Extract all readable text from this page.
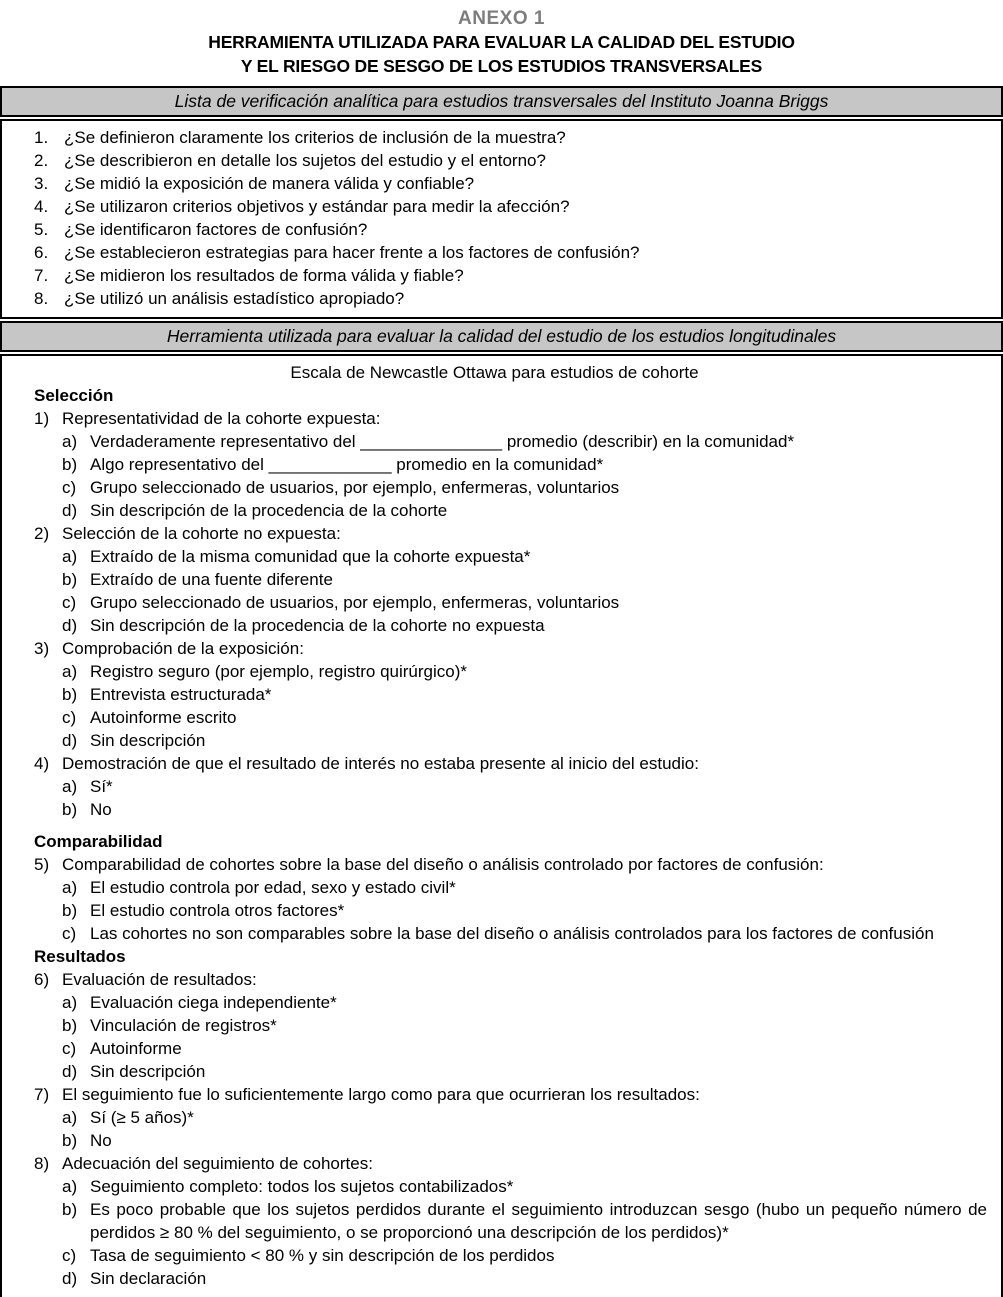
ANEXO 1
HERRAMIENTA UTILIZADA PARA EVALUAR LA CALIDAD DEL ESTUDIO
Y EL RIESGO DE SESGO DE LOS ESTUDIOS TRANSVERSALES
Lista de verificación analítica para estudios transversales del Instituto Joanna Briggs
1. ¿Se definieron claramente los criterios de inclusión de la muestra?
2. ¿Se describieron en detalle los sujetos del estudio y el entorno?
3. ¿Se midió la exposición de manera válida y confiable?
4. ¿Se utilizaron criterios objetivos y estándar para medir la afección?
5. ¿Se identificaron factores de confusión?
6. ¿Se establecieron estrategias para hacer frente a los factores de confusión?
7. ¿Se midieron los resultados de forma válida y fiable?
8. ¿Se utilizó un análisis estadístico apropiado?
Herramienta utilizada para evaluar la calidad del estudio de los estudios longitudinales
Escala de Newcastle Ottawa para estudios de cohorte
Selección
1) Representatividad de la cohorte expuesta:
a) Verdaderamente representativo del _______________ promedio (describir) en la comunidad*
b) Algo representativo del _____________ promedio en la comunidad*
c) Grupo seleccionado de usuarios, por ejemplo, enfermeras, voluntarios
d) Sin descripción de la procedencia de la cohorte
2) Selección de la cohorte no expuesta:
a) Extraído de la misma comunidad que la cohorte expuesta*
b) Extraído de una fuente diferente
c) Grupo seleccionado de usuarios, por ejemplo, enfermeras, voluntarios
d) Sin descripción de la procedencia de la cohorte no expuesta
3) Comprobación de la exposición:
a) Registro seguro (por ejemplo, registro quirúrgico)*
b) Entrevista estructurada*
c) Autoinforme escrito
d) Sin descripción
4) Demostración de que el resultado de interés no estaba presente al inicio del estudio:
a) Sí*
b) No
Comparabilidad
5) Comparabilidad de cohortes sobre la base del diseño o análisis controlado por factores de confusión:
a) El estudio controla por edad, sexo y estado civil*
b) El estudio controla otros factores*
c) Las cohortes no son comparables sobre la base del diseño o análisis controlados para los factores de confusión
Resultados
6) Evaluación de resultados:
a) Evaluación ciega independiente*
b) Vinculación de registros*
c) Autoinforme
d) Sin descripción
7) El seguimiento fue lo suficientemente largo como para que ocurrieran los resultados:
a) Sí (≥ 5 años)*
b) No
8) Adecuación del seguimiento de cohortes:
a) Seguimiento completo: todos los sujetos contabilizados*
b) Es poco probable que los sujetos perdidos durante el seguimiento introduzcan sesgo (hubo un pequeño número de perdidos ≥ 80 % del seguimiento, o se proporcionó una descripción de los perdidos)*
c) Tasa de seguimiento < 80 % y sin descripción de los perdidos
d) Sin declaración
